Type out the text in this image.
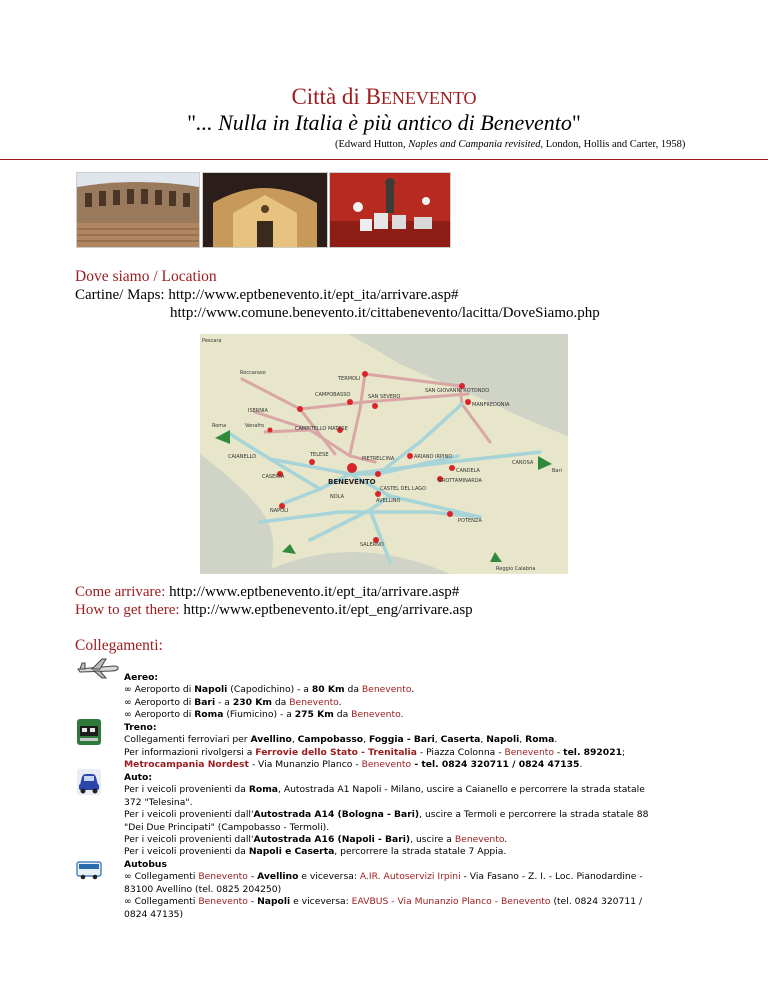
Città di BENEVENTO
"... Nulla in Italia è più antico di Benevento"
(Edward Hutton, Naples and Campania revisited, London, Hollis and Carter, 1958)
Dove siamo / Location
Cartine/ Maps: http://www.eptbenevento.it/ept_ita/arrivare.asp#
http://www.comune.benevento.it/cittabenevento/lacitta/DoveSiamo.php
Pescara
Roccaraso
TERMOLI
SAN GIOVANNI ROTONDO
CAMPOBASSO	SAN SEVERO
MANFREDONIA
ISERNIA
Roma	Venafro	CAMPITELLO MATESE
CAIANELLO	TELESE
PIETRELCINA	ARIANO IRPINO
CANOSA
Bari
CANDELA
CASERTA
BENEVENTO	GROTTAMINARDA
CASTEL DEL LAGO
NOLA
AVELLINO
NAPOLI
POTENZA
SALERNO
Reggio Calabria
Come arrivare: http://www.eptbenevento.it/ept_ita/arrivare.asp#
How to get there: http://www.eptbenevento.it/ept_eng/arrivare.asp
Collegamenti:
Aereo:
∞ Aeroporto di Napoli (Capodichino) - a 80 Km da Benevento.
∞ Aeroporto di Bari - a 230 Km da Benevento.
∞ Aeroporto di Roma (Fiumicino) - a 275 Km da Benevento.
Treno:
Collegamenti ferroviari per Avellino, Campobasso, Foggia - Bari, Caserta, Napoli, Roma.
Per informazioni rivolgersi a Ferrovie dello Stato - Trenitalia - Piazza Colonna - Benevento - tel. 892021;
Metrocampania Nordest - Via Munanzio Planco - Benevento - tel. 0824 320711 / 0824 47135.
Auto:
Per i veicoli provenienti da Roma, Autostrada A1 Napoli - Milano, uscire a Caianello e percorrere la strada statale
372 "Telesina".
Per i veicoli provenienti dall'Autostrada A14 (Bologna - Bari), uscire a Termoli e percorrere la strada statale 88
"Dei Due Principati" (Campobasso - Termoli).
Per i veicoli provenienti dall'Autostrada A16 (Napoli - Bari), uscire a Benevento.
Per i veicoli provenienti da Napoli e Caserta, percorrere la strada statale 7 Appia.
Autobus
∞ Collegamenti Benevento - Avellino e viceversa: A.IR. Autoservizi Irpini - Via Fasano - Z. I. - Loc. Pianodardine -
83100 Avellino (tel. 0825 204250)
∞ Collegamenti Benevento - Napoli e viceversa: EAVBUS - Via Munanzio Planco - Benevento (tel. 0824 320711 /
0824 47135)
